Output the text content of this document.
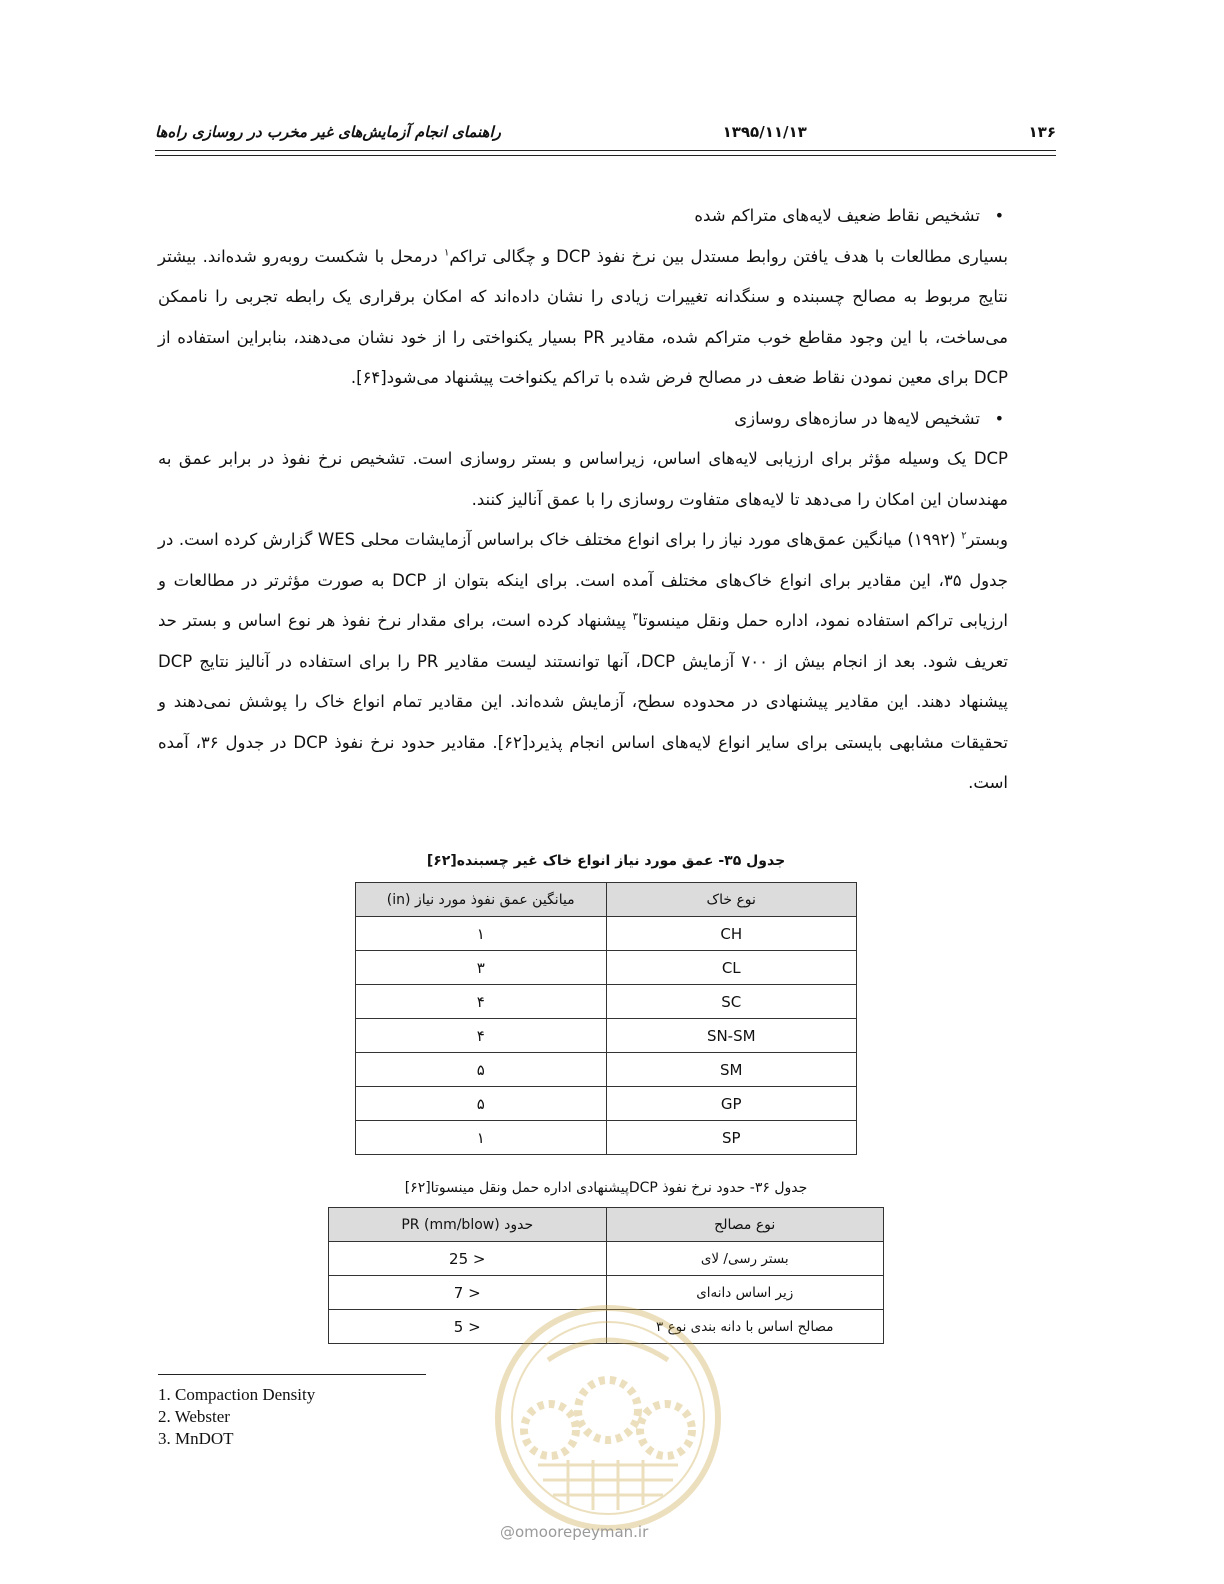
۱۳۶
۱۳۹۵/۱۱/۱۳
راهنمای انجام آزمایش‌های غیر مخرب در روسازی راه‌ها

• تشخیص نقاط ضعیف لایه‌های متراکم شده

بسیاری مطالعات با هدف یافتن روابط مستدل بین نرخ نفوذ DCP و چگالی تراکم$^۱$ درمحل با شکست روبه‌رو شده‌اند. بیشتر نتایج مربوط به مصالح چسبنده و سنگدانه تغییرات زیادی را نشان داده‌اند که امکان برقراری یک رابطه تجربی را ناممکن می‌ساخت، با این وجود مقاطع خوب متراکم شده، مقادیر PR بسیار یکنواختی را از خود نشان می‌دهند، بنابراین استفاده از DCP برای معین نمودن نقاط ضعف در مصالح فرض شده با تراکم یکنواخت پیشنهاد می‌شود[۶۴].

• تشخیص لایه‌ها در سازه‌های روسازی

DCP یک وسیله مؤثر برای ارزیابی لایه‌های اساس، زیراساس و بستر روسازی است. تشخیص نرخ نفوذ در برابر عمق به مهندسان این امکان را می‌دهد تا لایه‌های متفاوت روسازی را با عمق آنالیز کنند.

وبستر$^۲$ (۱۹۹۲) میانگین عمق‌های مورد نیاز را برای انواع مختلف خاک براساس آزمایشات محلی WES گزارش کرده است. در جدول ۳۵، این مقادیر برای انواع خاک‌های مختلف آمده است. برای اینکه بتوان از DCP به صورت مؤثرتر در مطالعات و ارزیابی تراکم استفاده نمود، اداره حمل ونقل مینسوتا$^۳$ پیشنهاد کرده است، برای مقدار نرخ نفوذ هر نوع اساس و بستر حد تعریف شود. بعد از انجام بیش از ۷۰۰ آزمایش DCP، آنها توانستند لیست مقادیر PR را برای استفاده در آنالیز نتایج DCP پیشنهاد دهند. این مقادیر پیشنهادی در محدوده سطح، آزمایش شده‌اند. این مقادیر تمام انواع خاک را پوشش نمی‌دهند و تحقیقات مشابهی بایستی برای سایر انواع لایه‌های اساس انجام پذیرد[۶۲]. مقادیر حدود نرخ نفوذ DCP در جدول ۳۶، آمده است.

جدول ۳۵- عمق مورد نیاز انواع خاک غیر چسبنده[۶۲]
نوع خاک	میانگین عمق نفوذ مورد نیاز (in)
CH	۱
CL	۳
SC	۴
SN-SM	۴
SM	۵
GP	۵
SP	۱
جدول ۳۶- حدود نرخ نفوذ DCPپیشنهادی اداره حمل ونقل مینسوتا[۶۲]
نوع مصالح	حدود PR (mm/blow)
بستر رسی/ لای	< 25
زیر اساس دانه‌ای	< 7
مصالح اساس با دانه بندی نوع ۳	< 5
1. Compaction Density
2. Webster
3. MnDOT
@omoorepeyman.ir
